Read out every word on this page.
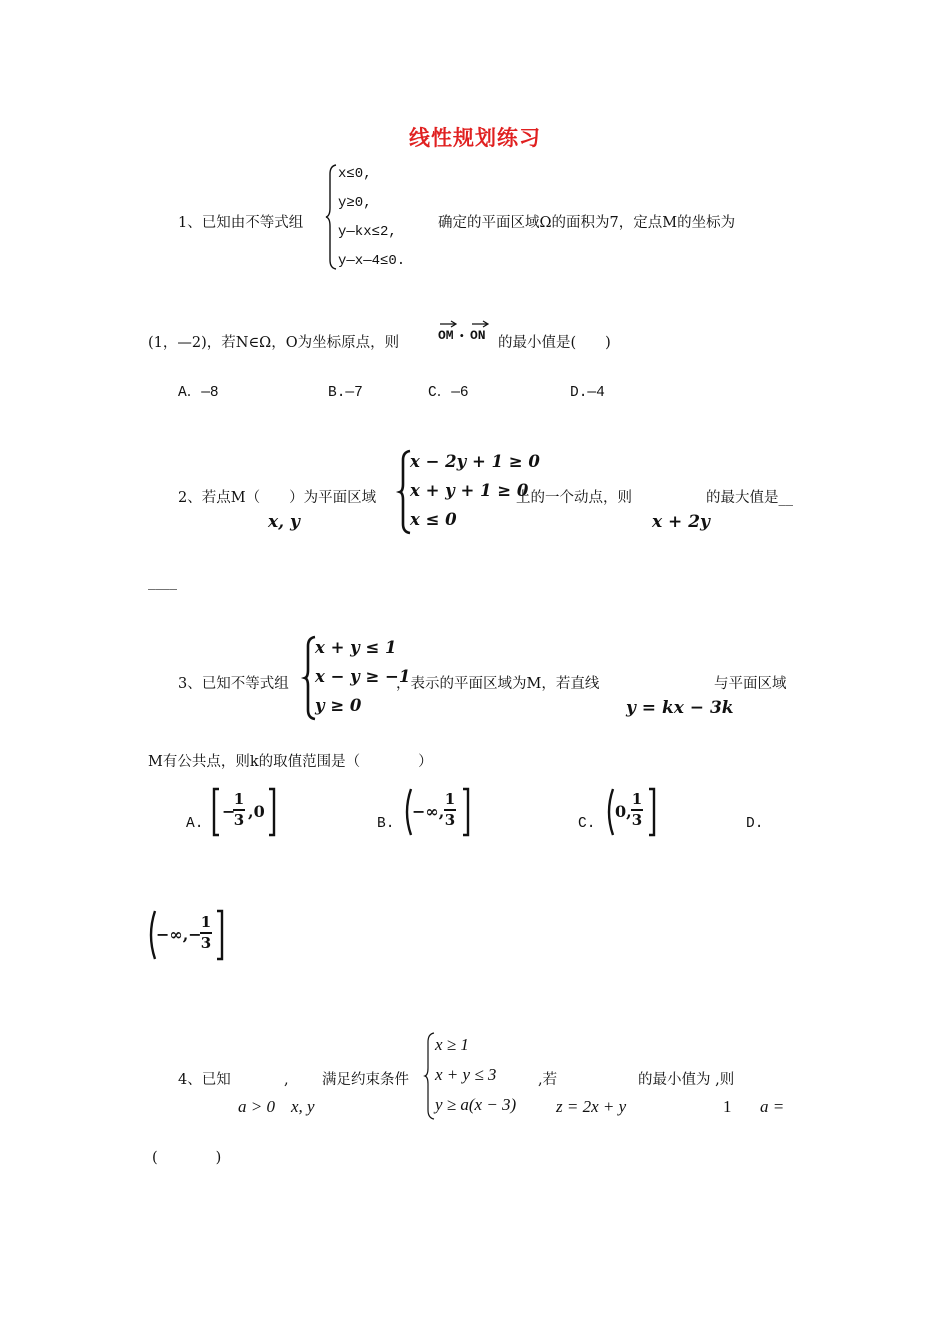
线性规划练习
1、已知由不等式组
x≤0,
y≥0,
y—kx≤2,
y—x—4≤0.
确定的平面区域Ω的面积为7，定点M的坐标为
(1，—2)，若N∈Ω，O为坐标原点，则	OM · ON 的最小值是(　　)
A．—8	B.—7	C．—6	D.—4
2、若点M（　　）为平面区域
x, y
x − 2y + 1 ≥ 0
x + y + 1 ≥ 0
x ≤ 0
上的一个动点，则
x + 2y
的最大值是__
____
3、已知不等式组
x + y ≤ 1
x − y ≥ −1
y ≥ 0
，表示的平面区域为M，若直线
y = kx − 3k
与平面区域
M有公共点，则k的取值范围是（　　　　）
A.
−
1
3 ,0
B.
−∞,
1
3	C.
0,
1
3	D.
−∞,−
1
3
4、已知
a > 0
,
x, y
满足约束条件
x ≥ 1
x + y ≤ 3
y ≥ a(x − 3)
,若
z = 2x + y
的最小值为 ,则
1 a =
(　　　　)
